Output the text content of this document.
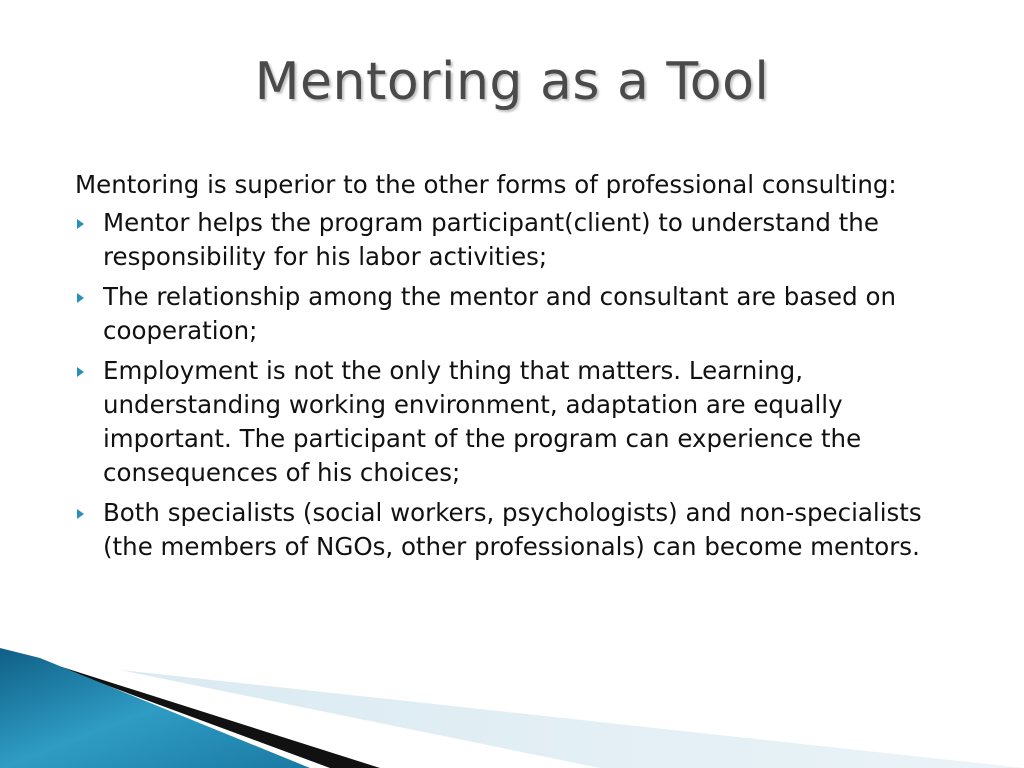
Mentoring as a Tool

Mentoring is superior to the other forms of professional consulting:

Mentor helps the program participant(client) to understand the responsibility for his labor activities;
The relationship among the mentor and consultant are based on cooperation;
Employment is not the only thing that matters. Learning, understanding working environment, adaptation are equally important. The participant of the program can experience the consequences of his choices;
Both specialists (social workers, psychologists) and non-specialists (the members of NGOs, other professionals) can become mentors.
